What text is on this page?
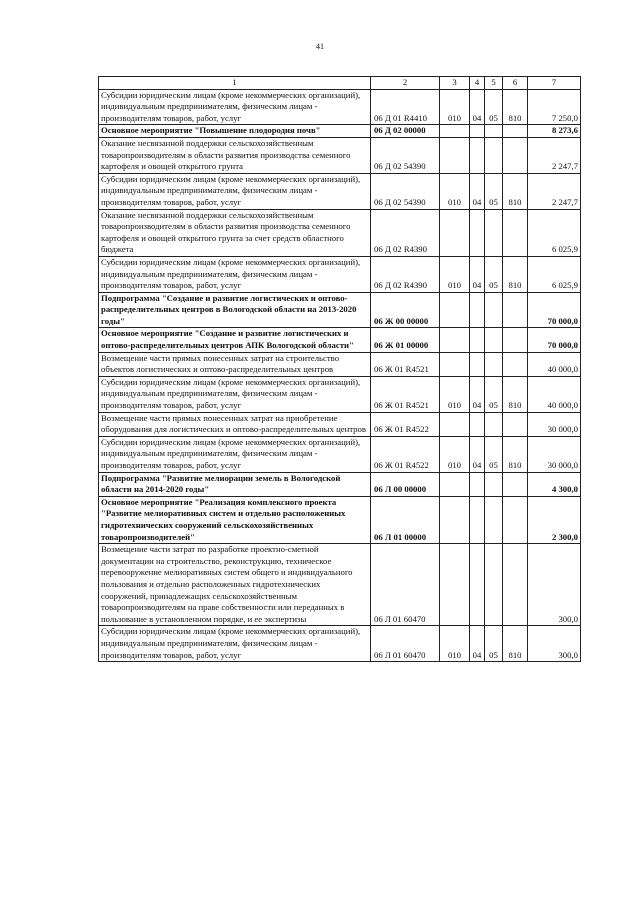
41
1	2	3	4	5	6	7
Субсидии юридическим лицам (кроме некоммерческих организаций), индивидуальным предпринимателям, физическим лицам - производителям товаров, работ, услуг	06 Д 01 R4410	010	04	05	810	7 250,0
Основное мероприятие "Повышение плодородия почв"	06 Д 02 00000					8 273,6
Оказание несвязанной поддержки сельскохозяйственным товаропроизводителям в области развития производства семенного картофеля и овощей открытого грунта	06 Д 02 54390					2 247,7
Субсидии юридическим лицам (кроме некоммерческих организаций), индивидуальным предпринимателям, физическим лицам - производителям товаров, работ, услуг	06 Д 02 54390	010	04	05	810	2 247,7
Оказание несвязанной поддержки сельскохозяйственным товаропроизводителям в области развития производства семенного картофеля и овощей открытого грунта за счет средств областного бюджета	06 Д 02 R4390					6 025,9
Субсидии юридическим лицам (кроме некоммерческих организаций), индивидуальным предпринимателям, физическим лицам - производителям товаров, работ, услуг	06 Д 02 R4390	010	04	05	810	6 025,9
Подпрограмма "Создание и развитие логистических и оптово-распределительных центров в Вологодской области на 2013-2020 годы"	06 Ж 00 00000					70 000,0
Основное мероприятие "Создание и развитие логистических и оптово-распределительных центров АПК Вологодской области"	06 Ж 01 00000					70 000,0
Возмещение части прямых понесенных затрат на строительство объектов логистических и оптово-распределительных центров	06 Ж 01 R4521					40 000,0
Субсидии юридическим лицам (кроме некоммерческих организаций), индивидуальным предпринимателям, физическим лицам - производителям товаров, работ, услуг	06 Ж 01 R4521	010	04	05	810	40 000,0
Возмещение части прямых понесенных затрат на приобретение оборудования для логистических и оптово-распределительных центров	06 Ж 01 R4522					30 000,0
Субсидии юридическим лицам (кроме некоммерческих организаций), индивидуальным предпринимателям, физическим лицам - производителям товаров, работ, услуг	06 Ж 01 R4522	010	04	05	810	30 000,0
Подпрограмма "Развитие мелиорации земель в Вологодской области на 2014-2020 годы"	06 Л 00 00000					4 300,0
Основное мероприятие "Реализация комплексного проекта "Развитие мелиоративных систем и отдельно расположенных гидротехнических сооружений сельскохозяйственных товаропроизводителей"	06 Л 01 00000					2 300,0
Возмещение части затрат по разработке проектно-сметной документации на строительство, реконструкцию, техническое перевооружение мелиоративных систем общего и индивидуального пользования и отдельно расположенных гидротехнических сооружений, принадлежащих сельскохозяйственным товаропроизводителям на праве собственности или переданных в пользование в установленном порядке, и ее экспертизы	06 Л 01 60470					300,0
Субсидии юридическим лицам (кроме некоммерческих организаций), индивидуальным предпринимателям, физическим лицам - производителям товаров, работ, услуг	06 Л 01 60470	010	04	05	810	300,0
